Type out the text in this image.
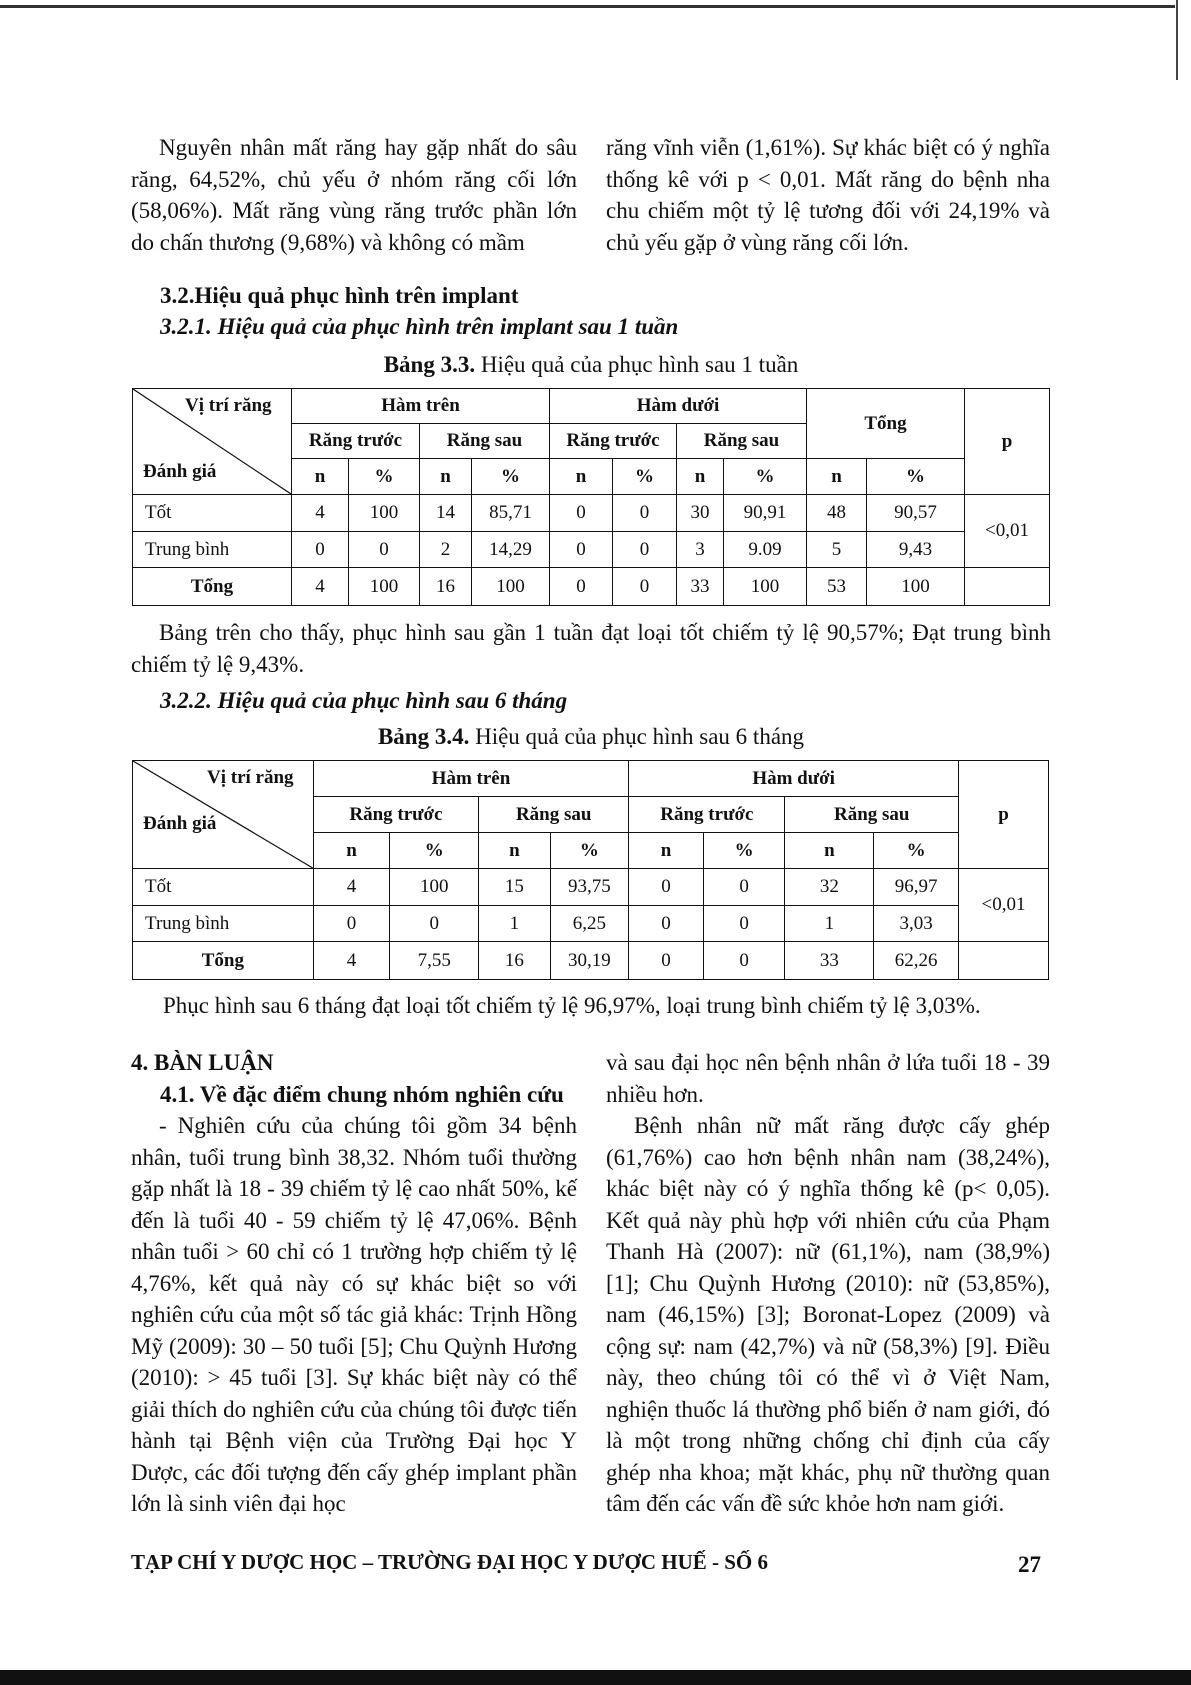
Nguyên nhân mất răng hay gặp nhất do sâu răng, 64,52%, chủ yếu ở nhóm răng cối lớn (58,06%). Mất răng vùng răng trước phần lớn do chấn thương (9,68%) và không có mầm

răng vĩnh viễn (1,61%). Sự khác biệt có ý nghĩa thống kê với p < 0,01. Mất răng do bệnh nha chu chiếm một tỷ lệ tương đối với 24,19% và chủ yếu gặp ở vùng răng cối lớn.

3.2.Hiệu quả phục hình trên implant

3.2.1. Hiệu quả của phục hình trên implant sau 1 tuần

Bảng 3.3. Hiệu quả của phục hình sau 1 tuần

Vị trí răng
Đánh giá	Hàm trên				Hàm dưới				Tổng		p
	Răng trước		Răng sau		Răng trước		Răng sau				
	n	%	n	%	n	%	n	%	n	%	
Tốt	4	100	14	85,71	0	0	30	90,91	48	90,57	<0,01
Trung bình	0	0	2	14,29	0	0	3	9.09	5	9,43	
Tổng	4	100	16	100	0	0	33	100	53	100	

Bảng trên cho thấy, phục hình sau gần 1 tuần đạt loại tốt chiếm tỷ lệ 90,57%; Đạt trung bình chiếm tỷ lệ 9,43%.

3.2.2. Hiệu quả của phục hình sau 6 tháng

Bảng 3.4. Hiệu quả của phục hình sau 6 tháng

Vị trí răng
Đánh giá	Hàm trên				Hàm dưới				p
	Răng trước		Răng sau		Răng trước		Răng sau		
	n	%	n	%	n	%	n	%	
Tốt	4	100	15	93,75	0	0	32	96,97	<0,01
Trung bình	0	0	1	6,25	0	0	1	3,03	
Tổng	4	7,55	16	30,19	0	0	33	62,26	

Phục hình sau 6 tháng đạt loại tốt chiếm tỷ lệ 96,97%, loại trung bình chiếm tỷ lệ 3,03%.

4. BÀN LUẬN

4.1. Về đặc điểm chung nhóm nghiên cứu

- Nghiên cứu của chúng tôi gồm 34 bệnh nhân, tuổi trung bình 38,32. Nhóm tuổi thường gặp nhất là 18 - 39 chiếm tỷ lệ cao nhất 50%, kế đến là tuổi 40 - 59 chiếm tỷ lệ 47,06%. Bệnh nhân tuổi > 60 chỉ có 1 trường hợp chiếm tỷ lệ 4,76%, kết quả này có sự khác biệt so với nghiên cứu của một số tác giả khác: Trịnh Hồng Mỹ (2009): 30 – 50 tuổi [5]; Chu Quỳnh Hương (2010): > 45 tuổi [3]. Sự khác biệt này có thể giải thích do nghiên cứu của chúng tôi được tiến hành tại Bệnh viện của Trường Đại học Y Dược, các đối tượng đến cấy ghép implant phần lớn là sinh viên đại học

và sau đại học nên bệnh nhân ở lứa tuổi 18 - 39 nhiều hơn.

Bệnh nhân nữ mất răng được cấy ghép (61,76%) cao hơn bệnh nhân nam (38,24%), khác biệt này có ý nghĩa thống kê (p< 0,05). Kết quả này phù hợp với nhiên cứu của Phạm Thanh Hà (2007): nữ (61,1%), nam (38,9%) [1]; Chu Quỳnh Hương (2010): nữ (53,85%), nam (46,15%) [3]; Boronat-Lopez (2009) và cộng sự: nam (42,7%) và nữ (58,3%) [9]. Điều này, theo chúng tôi có thể vì ở Việt Nam, nghiện thuốc lá thường phổ biến ở nam giới, đó là một trong những chống chỉ định của cấy ghép nha khoa; mặt khác, phụ nữ thường quan tâm đến các vấn đề sức khỏe hơn nam giới.

TẠP CHÍ Y DƯỢC HỌC – TRƯỜNG ĐẠI HỌC Y DƯỢC HUẾ - SỐ 6	27
